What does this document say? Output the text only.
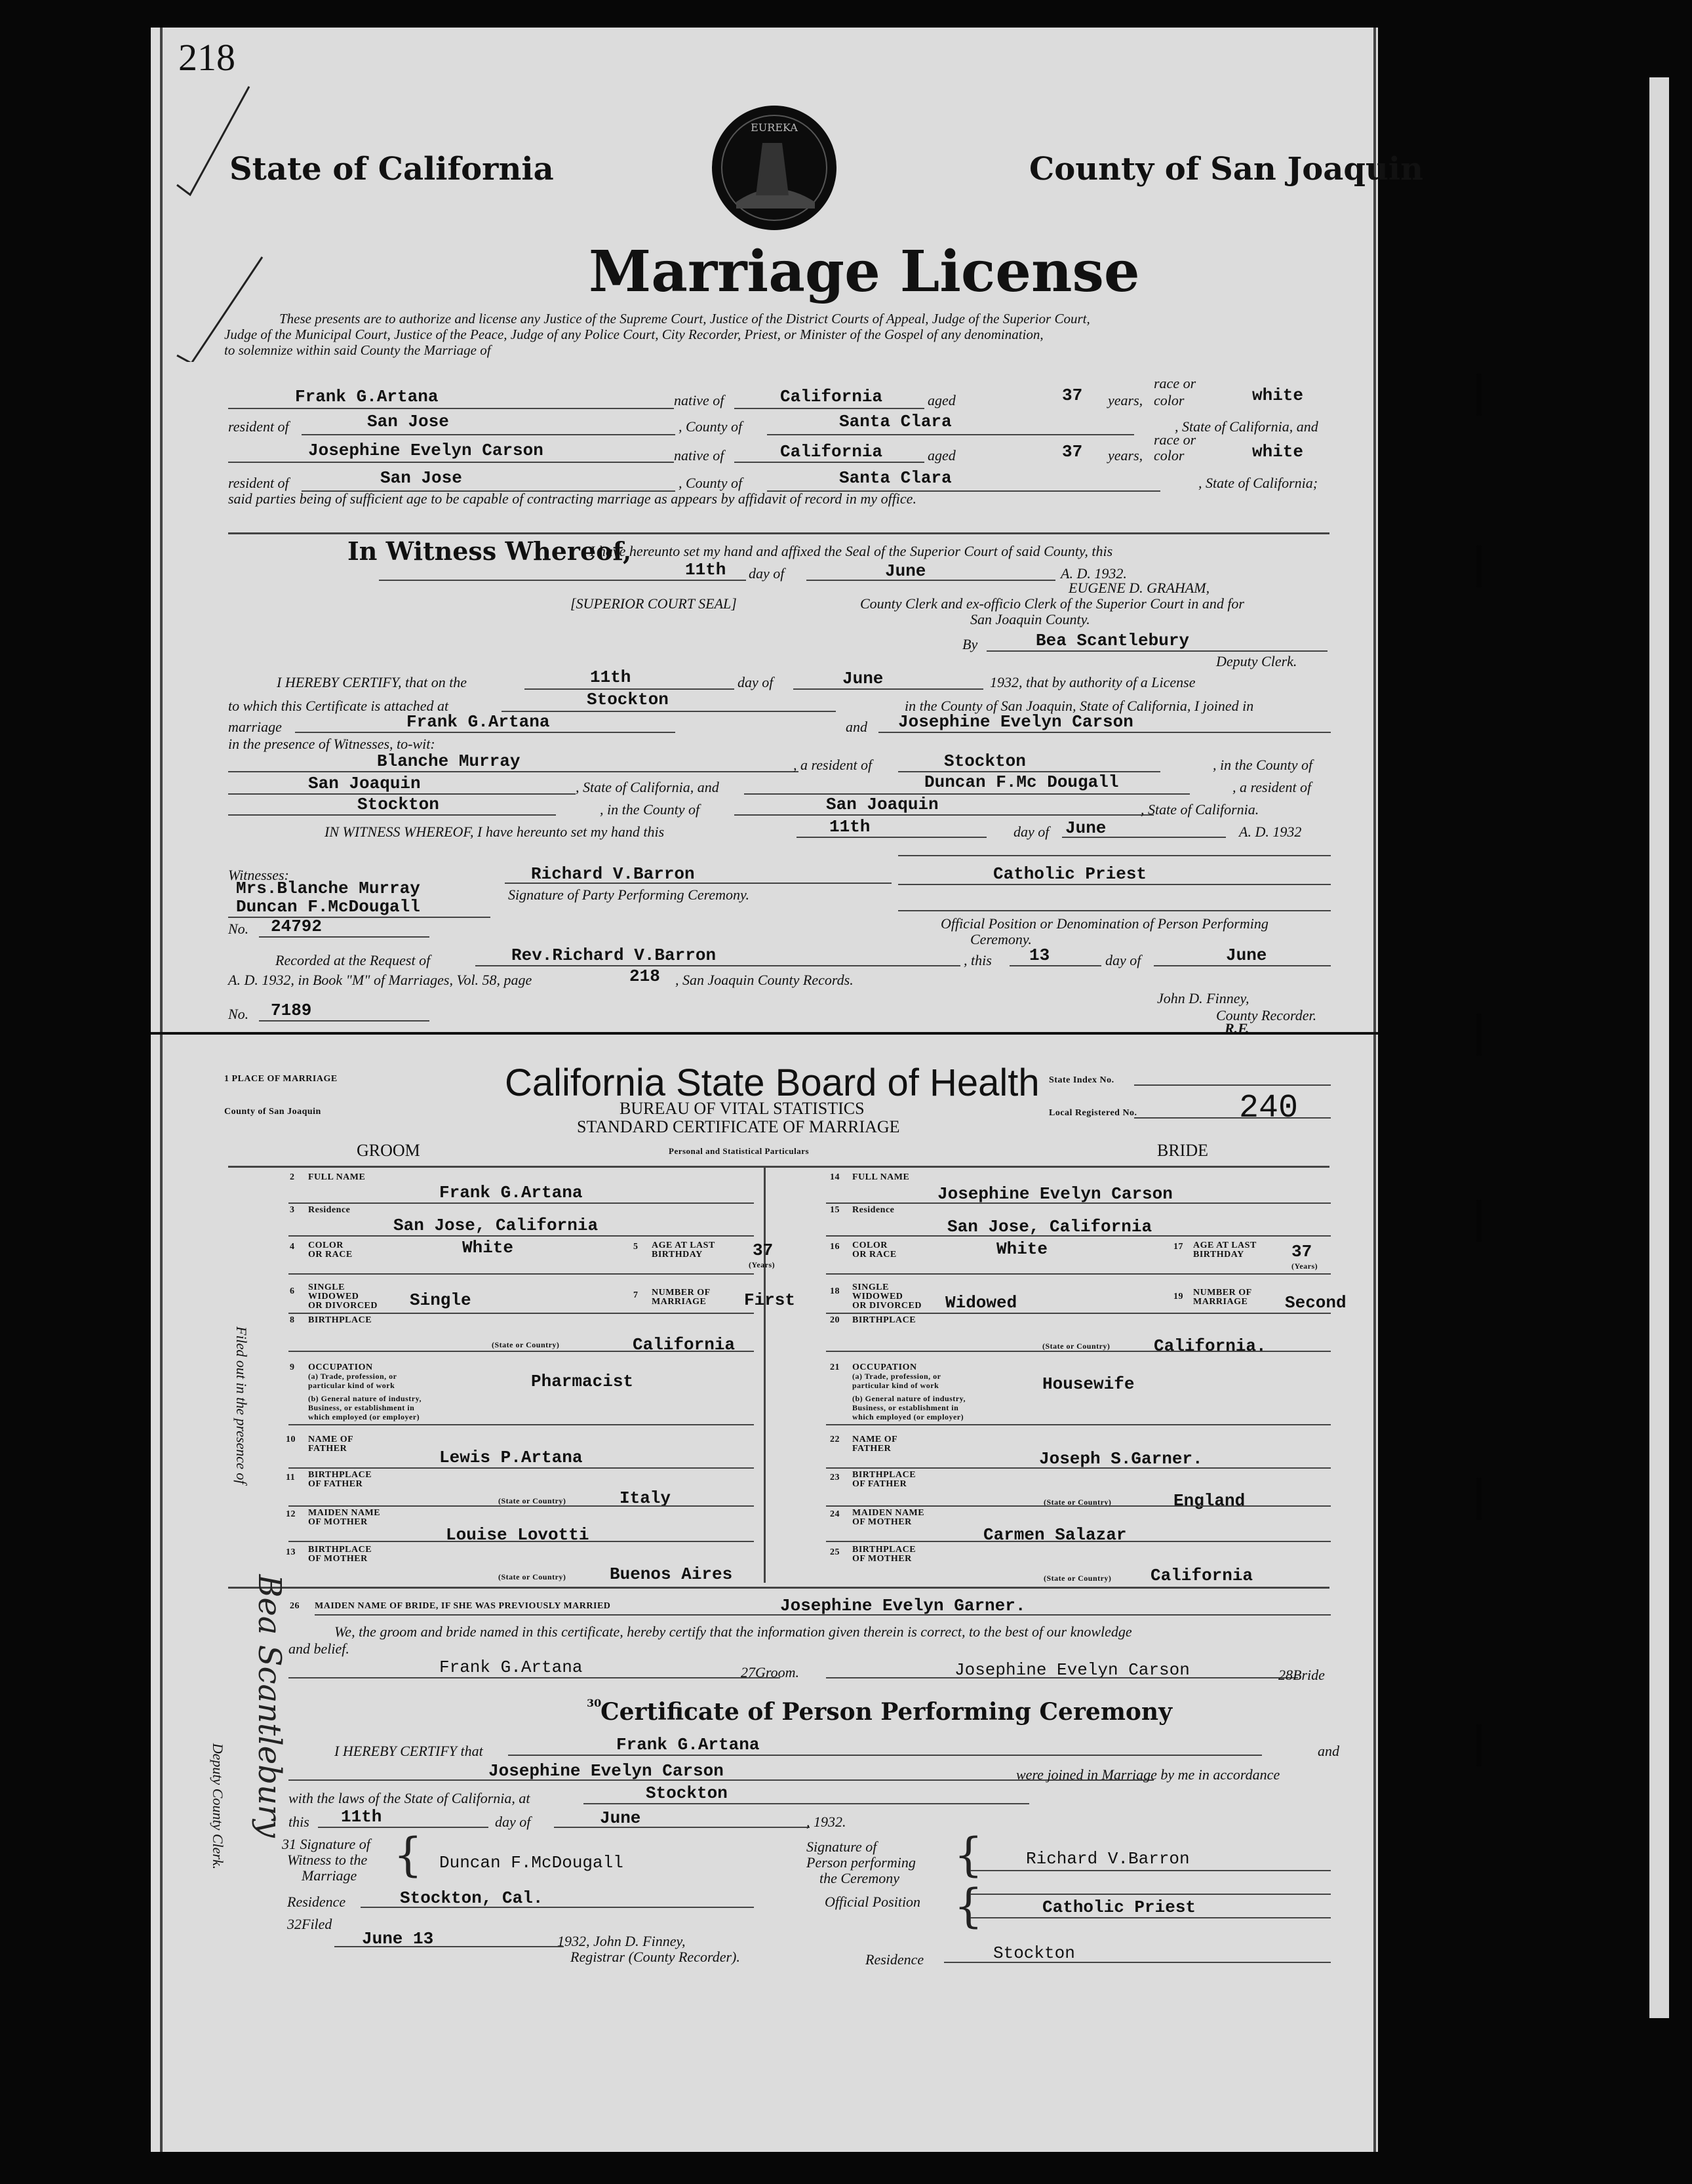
218
State of California	County of San Joaquin
EUREKA
Marriage License
These presents are to authorize and license any Justice of the Supreme Court, Justice of the District Courts of Appeal, Judge of the Superior Court,
Judge of the Municipal Court, Justice of the Peace, Judge of any Police Court, City Recorder, Priest, or Minister of the Gospel of any denomination,
to solemnize within said County the Marriage of
Frank G.Artana	native of	California	aged	37 years,
race or
color	white
resident of	San Jose	, County of	Santa Clara	, State of California, and
Josephine Evelyn Carson	native of	California	aged	37 years,
race or
color	white
resident of	San Jose	, County of	Santa Clara	, State of California;
said parties being of sufficient age to be capable of contracting marriage as appears by affidavit of record in my office.
In Witness Whereof,
I have hereunto set my hand and affixed the Seal of the Superior Court of said County, this
11th day of	June	A. D. 1932.
EUGENE D. GRAHAM,
[SUPERIOR COURT SEAL]	County Clerk and ex-officio Clerk of the Superior Court in and for
San Joaquin County.
By	Bea Scantlebury
Deputy Clerk.
I HEREBY CERTIFY, that on the	11th	day of	June	1932, that by authority of a License
to which this Certificate is attached at	Stockton	in the County of San Joaquin, State of California, I joined in
marriage	Frank G.Artana	and Josephine Evelyn Carson
in the presence of Witnesses, to-wit:
Blanche Murray	, a resident of	Stockton	, in the County of
San Joaquin	, State of California, and	Duncan F.Mc Dougall	, a resident of
Stockton	, in the County of	San Joaquin	, State of California.
IN WITNESS WHEREOF, I have hereunto set my hand this	11th	day of June	A. D. 1932
Witnesses:
Mrs.Blanche Murray
Duncan F.McDougall
Richard V.Barron
Signature of Party Performing Ceremony.
Catholic Priest
Official Position or Denomination of Person Performing
Ceremony.
No. 24792
Recorded at the Request of	Rev.Richard V.Barron	, this 13	day of	June
A. D. 1932, in Book "M" of Marriages, Vol. 58, page	218 , San Joaquin County Records.
John D. Finney,
No. 7189	County Recorder.
R.F.
1 PLACE OF MARRIAGE
County of San Joaquin
California State Board of Health
BUREAU OF VITAL STATISTICS
STANDARD CERTIFICATE OF MARRIAGE
Personal and Statistical Particulars
State Index No.
Local Registered No.	240
GROOM	BRIDE
2 FULL NAME
Frank G.Artana
3 Residence
San Jose, California
4 COLOR
OR RACE	White	5 AGE AT LAST
BIRTHDAY	37
(Years)
6 SINGLE
WIDOWED
OR DIVORCED Single	7 NUMBER OF
MARRIAGE First
8 BIRTHPLACE
(State or Country)	California
9 OCCUPATION
(a) Trade, profession, or
particular kind of work	Pharmacist
(b) General nature of industry,
Business, or establishment in
which employed (or employer)
10 NAME OF
FATHER	Lewis P.Artana
11 BIRTHPLACE
OF FATHER
(State or Country)	Italy
12 MAIDEN NAME
OF MOTHER
Louise Lovotti
13 BIRTHPLACE
OF MOTHER
(State or Country)	Buenos Aires
14 FULL NAME
Josephine Evelyn Carson
15 Residence
San Jose, California
16 COLOR
OR RACE	White	17 AGE AT LAST
BIRTHDAY	37
(Years)
18 SINGLE
WIDOWED
OR DIVORCED Widowed	19 NUMBER OF
MARRIAGE Second
20 BIRTHPLACE
(State or Country)	California.
21 OCCUPATION
(a) Trade, profession, or
particular kind of work	Housewife
(b) General nature of industry,
Business, or establishment in
which employed (or employer)
22 NAME OF
FATHER
Joseph S.Garner.
23 BIRTHPLACE
OF FATHER
(State or Country)	England
24 MAIDEN NAME
OF MOTHER
Carmen Salazar
25 BIRTHPLACE
OF MOTHER
(State or Country) California
26 MAIDEN NAME OF BRIDE, IF SHE WAS PREVIOUSLY MARRIED	Josephine Evelyn Garner.
We, the groom and bride named in this certificate, hereby certify that the information given therein is correct, to the best of our knowledge
and belief.
Frank G.Artana	27Groom.	Josephine Evelyn Carson	28Bride
30
Certificate of Person Performing Ceremony
I HEREBY CERTIFY that	Frank G.Artana	and
Josephine Evelyn Carson	were joined in Marriage by me in accordance
with the laws of the State of California, at	Stockton
this 11th	day of	June	, 1932.
31 Signature of
Witness to the
Marriage { Duncan F.McDougall
Signature of
Person performing
the Ceremony {	Richard V.Barron
Residence	Stockton, Cal.	Official Position {	Catholic Priest
32Filed
June 13	1932, John D. Finney,
Registrar (County Recorder).	Residence	Stockton
Filed out in the presence of
Bea Scantlebury
Deputy County Clerk.
